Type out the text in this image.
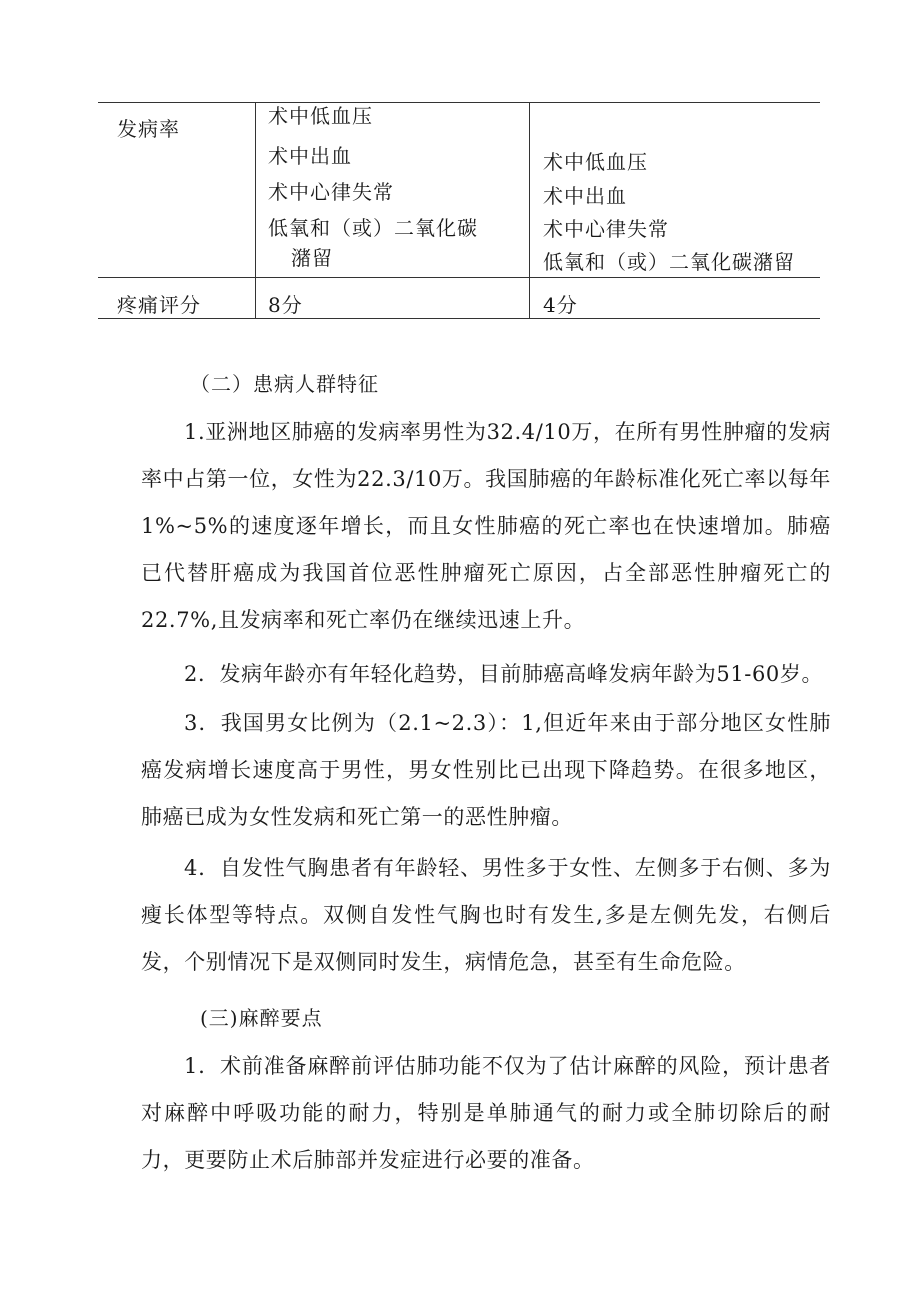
发病率
术中低血压
术中出血
术中心律失常
低氧和（或）二氧化碳
潴留
术中低血压
术中出血
术中心律失常
低氧和（或）二氧化碳潴留
疼痛评分	8分	4分
（二）患病人群特征
1.亚洲地区肺癌的发病率男性为32.4/10万，在所有男性肿瘤的发病率中占第一位，女性为22.3/10万。我国肺癌的年龄标准化死亡率以每年1%~5%的速度逐年增长，而且女性肺癌的死亡率也在快速增加。肺癌已代替肝癌成为我国首位恶性肿瘤死亡原因，占全部恶性肿瘤死亡的22.7%,且发病率和死亡率仍在继续迅速上升。
2．发病年龄亦有年轻化趋势，目前肺癌高峰发病年龄为51-60岁。
3．我国男女比例为（2.1~2.3）：1,但近年来由于部分地区女性肺癌发病增长速度高于男性，男女性别比已出现下降趋势。在很多地区，肺癌已成为女性发病和死亡第一的恶性肿瘤。
4．自发性气胸患者有年龄轻、男性多于女性、左侧多于右侧、多为瘦长体型等特点。双侧自发性气胸也时有发生,多是左侧先发，右侧后发，个别情况下是双侧同时发生，病情危急，甚至有生命危险。
(三)麻醉要点
1．术前准备麻醉前评估肺功能不仅为了估计麻醉的风险，预计患者对麻醉中呼吸功能的耐力，特别是单肺通气的耐力或全肺切除后的耐力，更要防止术后肺部并发症进行必要的准备。
